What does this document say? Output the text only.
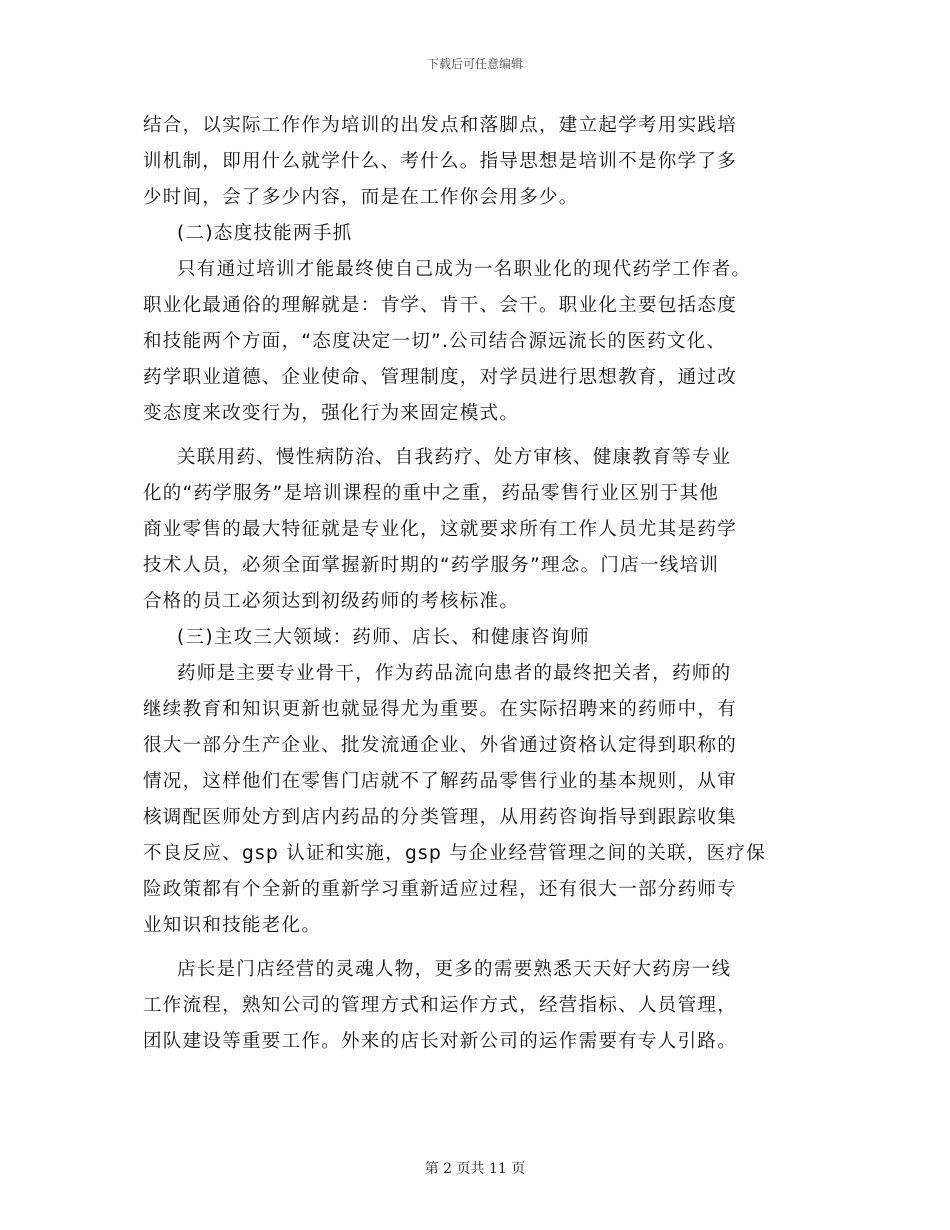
下载后可任意编辑
结合，以实际工作作为培训的出发点和落脚点，建立起学考用实践培
训机制，即用什么就学什么、考什么。指导思想是培训不是你学了多
少时间，会了多少内容，而是在工作你会用多少。
(二)态度技能两手抓
只有通过培训才能最终使自己成为一名职业化的现代药学工作者。
职业化最通俗的理解就是：肯学、肯干、会干。职业化主要包括态度
和技能两个方面，“态度决定一切”.公司结合源远流长的医药文化、
药学职业道德、企业使命、管理制度，对学员进行思想教育，通过改
变态度来改变行为，强化行为来固定模式。
关联用药、慢性病防治、自我药疗、处方审核、健康教育等专业
化的“药学服务”是培训课程的重中之重，药品零售行业区别于其他
商业零售的最大特征就是专业化，这就要求所有工作人员尤其是药学
技术人员，必须全面掌握新时期的“药学服务”理念。门店一线培训
合格的员工必须达到初级药师的考核标准。
(三)主攻三大领域：药师、店长、和健康咨询师
药师是主要专业骨干，作为药品流向患者的最终把关者，药师的
继续教育和知识更新也就显得尤为重要。在实际招聘来的药师中，有
很大一部分生产企业、批发流通企业、外省通过资格认定得到职称的
情况，这样他们在零售门店就不了解药品零售行业的基本规则，从审
核调配医师处方到店内药品的分类管理，从用药咨询指导到跟踪收集
不良反应、gsp 认证和实施，gsp 与企业经营管理之间的关联，医疗保
险政策都有个全新的重新学习重新适应过程，还有很大一部分药师专
业知识和技能老化。
店长是门店经营的灵魂人物，更多的需要熟悉天天好大药房一线
工作流程，熟知公司的管理方式和运作方式，经营指标、人员管理，
团队建设等重要工作。外来的店长对新公司的运作需要有专人引路。
第 2 页共 11 页
